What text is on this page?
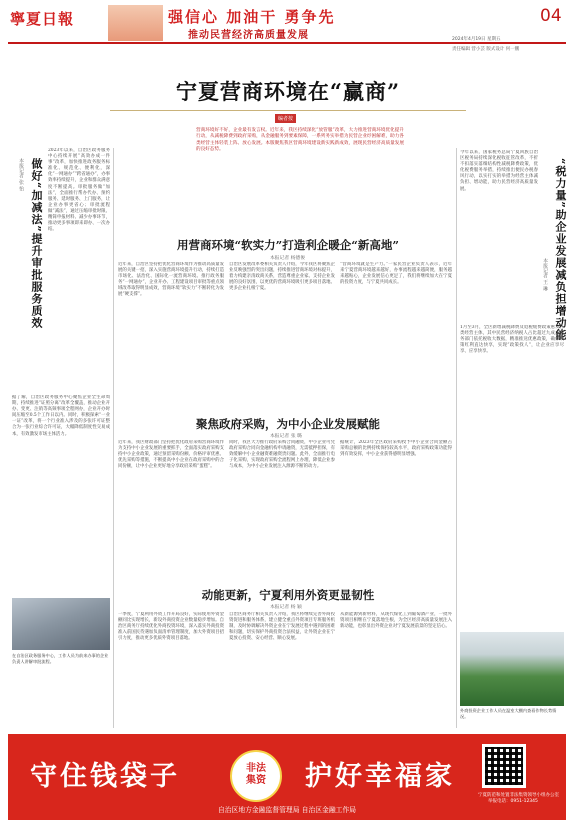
寧夏日報	强信心 加油干 勇争先
推动民营经济高质量发展
04
2024年4月19日 星期五
责任编辑 营小芸 版式设计 何一鹏
宁夏营商环境在“赢商”
编者按
营商环境好不好，企业最有发言权。近年来，我区持续深化“放管服”改革，大力推进营商环境优化提升行动，从减税降费到政府采购，从金融服务到要素保障，一系列务实举措为民营企业纾困解难，助力各类经营主体轻装上阵、放心发展。本版聚焦我区营商环境建设新实践新成效，展现民营经济高质量发展的良好态势。
做好“加减法”提升审批服务质效
本报记者 张 怡
2023年以来，自治区政务服务中心持续开展“高效办成一件事”改革，加快推进政务服务标准化、规范化、便利化，深化“一网通办”“跨省通办”，办事效率持续提升，企业和群众满意度不断提高。审批服务做“加法”，全面推行帮办代办、预约服务、延时服务、上门服务，让企业办事更省心；审批流程做“减法”，通过压缩审批时限、精简申报材料、减少办事环节，推动更多事项即来即办、一次办结。
据了解，自治区政务服务中心聚焦企业全生命周期，持续推进“证照分离”改革全覆盖，推动企业开办、变更、注销等高频事项全程网办，企业开办时间压缩至0.5个工作日以内。同时，积极探索“一业一证”改革，将一个行业准入涉及的多张许可证整合为一张行业综合许可证，大幅降低制度性交易成本，有效激发市场主体活力。
在自治区政务服务中心，工作人员为前来办事的企业负责人讲解审批流程。
用营商环境“软实力”打造利企暖企“新高地”
本报记者 杨德俊
近年来，自治区坚持把优化营商环境作为推动高质量发展的关键一招，深入实施营商环境提升行动，持续打造市场化、法治化、国际化一流营商环境。推行政务服务“一网通办”，企业开办、工程建设项目审批等重点领域改革取得明显成效，营商环境“软实力”不断转化为发展“硬支撑”。
自治区发展改革委相关负责人介绍，今年我区将聚焦企业反映强烈的突出问题，持续推进营商环境对标提升，着力构建亲清政商关系，营造尊重企业家、支持企业发展的良好氛围，以更优的营商环境吸引更多项目落地、更多企业扎根宁夏。
“营商环境就是生产力。”一家民营企业负责人表示，近年来宁夏营商环境越来越好，办事流程越来越简便，服务越来越贴心，企业发展信心更足了，我们将继续加大在宁夏的投资力度，与宁夏共同成长。
聚焦政府采购，为中小企业发展赋能
本报记者 张 璐
近年来，我区财政部门坚持把优化政府采购营商环境作为支持中小企业发展的重要抓手，全面落实政府采购支持中小企业政策，通过预留采购份额、价格评审优惠、优先采购等措施，不断提高中小企业在政府采购中的合同份额，让中小企业更好地分享政府采购“蛋糕”。
同时，我区大力推行政府采购合同融资，中小企业可凭政府采购合同向金融机构申请融资，无需抵押担保，有效缓解中小企业融资难融资贵问题。此外，全面推行电子化采购，实现政府采购全流程网上办理，降低企业参与成本，为中小企业发展注入源源不断的动力。
据统计，2023年全区政府采购授予中小企业合同金额占采购总额的比例持续保持较高水平，政府采购政策功能得到有效发挥，中小企业获得感明显增强。
动能更新，宁夏利用外资更显韧性
本报记者 杨 颖
一季度，宁夏利用外资工作开局良好，实际使用外资金额同比实现增长，新设外商投资企业数量稳步增加。自治区商务厅持续优化外商投资环境，深入落实外商投资准入前国民待遇加负面清单管理制度，加大外资项目招引力度，推动更多优质外资项目落地。
自治区商务厅相关负责人介绍，我区将继续完善外商投资促进和服务体系，建立健全重点外资项目专班服务机制，及时协调解决外资企业在宁发展过程中遇到的困难和问题，切实保护外商投资合法权益，让外资企业在宁夏放心投资、安心经营、顺心发展。
从新能源到新材料，从现代煤化工到葡萄酒产业，一批外资项目相继在宁夏落地生根，为全区经济高质量发展注入新动能，也彰显出外资企业对宁夏发展前景的坚定信心。
今年以来，国家税务总局宁夏回族自治区税务局持续深化税收征管改革，不折不扣落实落细结构性减税降费政策，优化税费服务举措，持续推出便民办税春风行动，以实打实的举措为经营主体减负担、增动能，助力民营经济高质量发展。	“税力量”助企业发展减负担增动能
本报记者 王 琳
1月至3月，全区新增减税降费及退税缓费政策惠及各类经营主体，其中民营经济纳税人占比超过九成。税务部门依托税收大数据，精准推送优惠政策，确保政策红利直达快享，实现“政策找人”，让企业应享尽享、应享快享。
外商投资企业工作人员在温室大棚内查看作物长势情况。
守住钱袋子	非法
集资	护好幸福家
宁夏防范和处置非法集资领导小组办公室
举报电话：0951-12345
自治区地方金融监督管理局 自治区金融工作局
